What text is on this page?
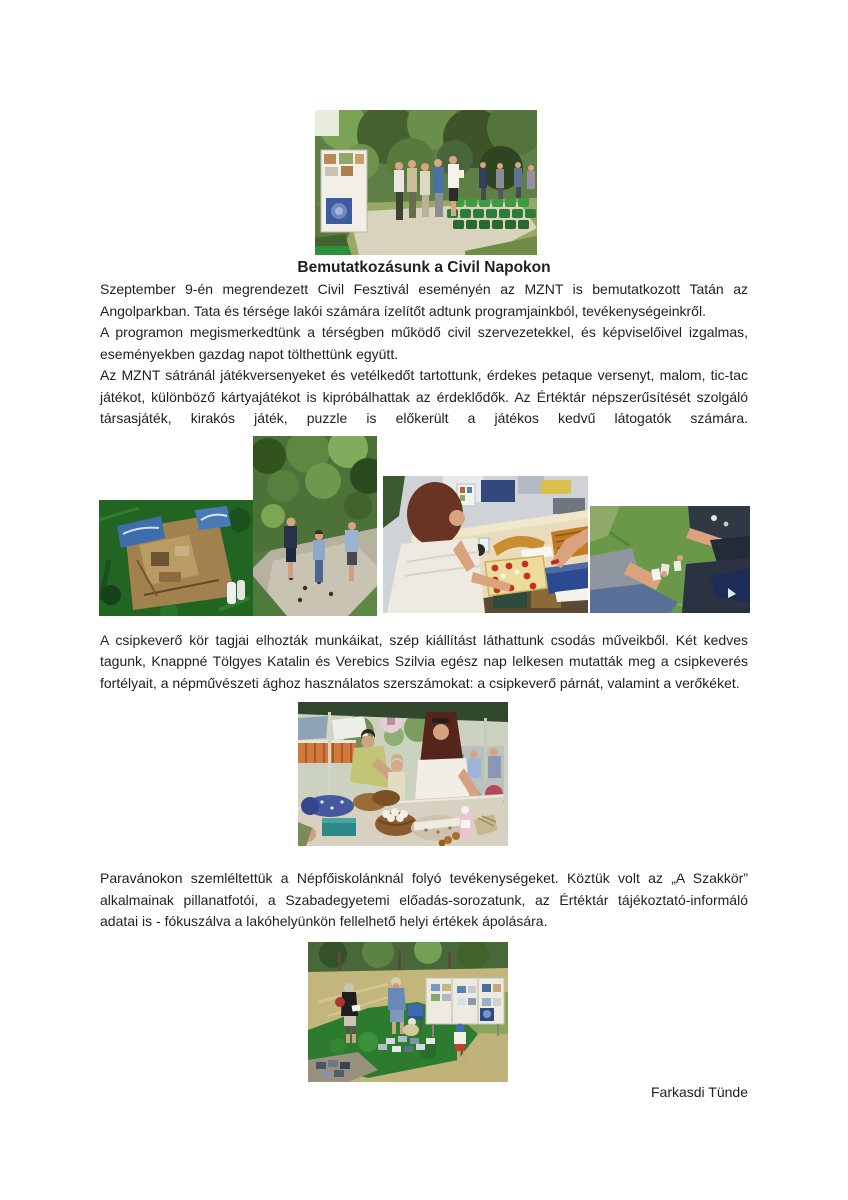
Bemutatkozásunk a Civil Napokon

Szeptember 9-én megrendezett Civil Fesztivál eseményén az MZNT is bemutatkozott Tatán az Angolparkban. Tata és térsége lakói számára ízelítőt adtunk programjainkból, tevékenységeinkről.

A programon megismerkedtünk a térségben működő civil szervezetekkel, és képviselőivel izgalmas, eseményekben gazdag napot tölthettünk együtt.

Az MZNT sátránál játékversenyeket és vetélkedőt tartottunk, érdekes petaque versenyt, malom, tic-tac játékot, különböző kártyajátékot is kipróbálhattak az érdeklődők. Az Értéktár népszerűsítését szolgáló társasjáték, kirakós játék, puzzle is előkerült a játékos kedvű látogatók számára.

A csipkeverő kör tagjai elhozták munkáikat, szép kiállítást láthattunk csodás műveikből. Két kedves tagunk, Knappné Tölgyes Katalin és Verebics Szilvia egész nap lelkesen mutatták meg a csipkeverés fortélyait, a népművészeti ághoz használatos szerszámokat: a csipkeverő párnát, valamint a verőkéket.

Paravánokon szemléltettük a Népfőiskolánknál folyó tevékenységeket. Köztük volt az „A Szakkör” alkalmainak pillanatfotói, a Szabadegyetemi előadás-sorozatunk, az Értéktár tájékoztató-informáló adatai is - fókuszálva a lakóhelyünkön fellelhető helyi értékek ápolására.

Farkasdi Tünde
